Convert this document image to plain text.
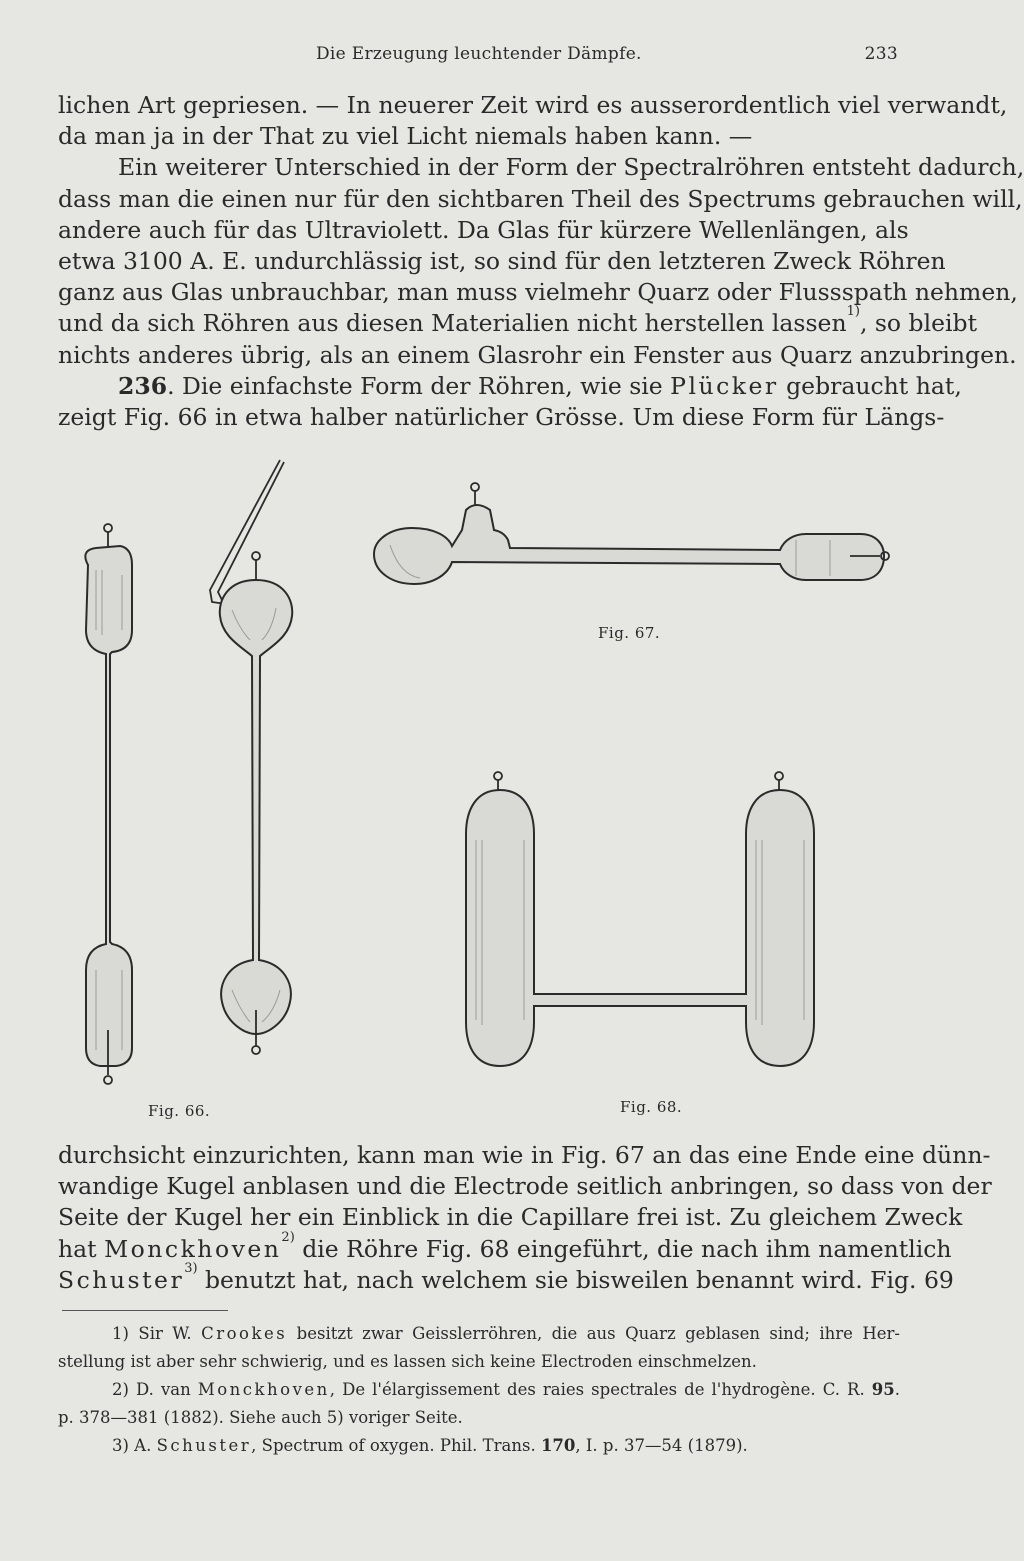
Die Erzeugung leuchtender Dämpfe.	233
lichen Art gepriesen. — In neuerer Zeit wird es ausserordentlich viel verwandt,
da man ja in der That zu viel Licht niemals haben kann. —
Ein weiterer Unterschied in der Form der Spectralröhren entsteht dadurch,
dass man die einen nur für den sichtbaren Theil des Spectrums gebrauchen will,
andere auch für das Ultraviolett. Da Glas für kürzere Wellenlängen, als
etwa 3100 A. E. undurchlässig ist, so sind für den letzteren Zweck Röhren
ganz aus Glas unbrauchbar, man muss vielmehr Quarz oder Flussspath nehmen,
und da sich Röhren aus diesen Materialien nicht herstellen lassen$^{1)}$, so bleibt
nichts anderes übrig, als an einem Glasrohr ein Fenster aus Quarz anzubringen.
236. Die einfachste Form der Röhren, wie sie Plücker gebraucht hat,
zeigt Fig. 66 in etwa halber natürlicher Grösse. Um diese Form für Längs-
Fig. 66.
Fig. 67.
Fig. 68.
durchsicht einzurichten, kann man wie in Fig. 67 an das eine Ende eine dünn-
wandige Kugel anblasen und die Electrode seitlich anbringen, so dass von der
Seite der Kugel her ein Einblick in die Capillare frei ist. Zu gleichem Zweck
hat Monckhoven$^{2)}$ die Röhre Fig. 68 eingeführt, die nach ihm namentlich
Schuster$^{3)}$ benutzt hat, nach welchem sie bisweilen benannt wird. Fig. 69
1) Sir W. Crookes besitzt zwar Geisslerröhren, die aus Quarz geblasen sind; ihre Her-
stellung ist aber sehr schwierig, und es lassen sich keine Electroden einschmelzen.
2) D. van Monckhoven, De l'élargissement des raies spectrales de l'hydrogène. C. R. 95.
p. 378—381 (1882). Siehe auch 5) voriger Seite.
3) A. Schuster, Spectrum of oxygen. Phil. Trans. 170, I. p. 37—54 (1879).
